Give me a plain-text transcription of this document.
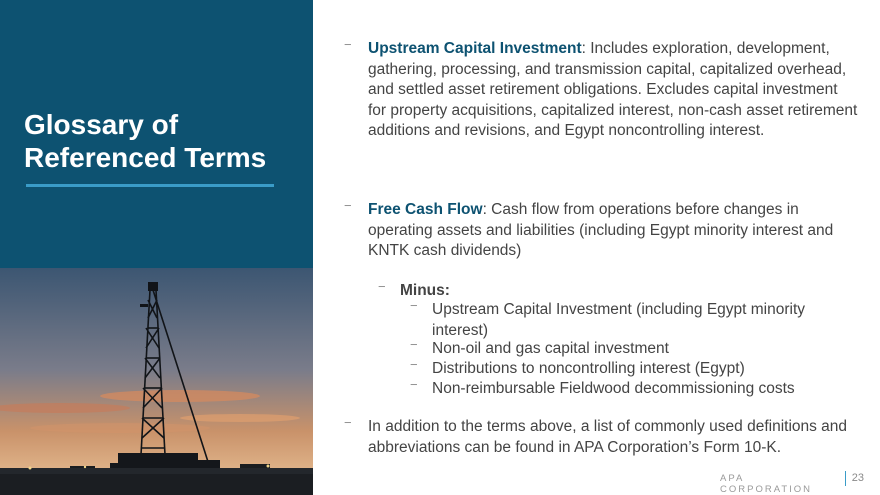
Glossary of
Referenced Terms
− Upstream Capital Investment: Includes exploration, development, gathering, processing, and transmission capital, capitalized overhead, and settled asset retirement obligations. Excludes capital investment for property acquisitions, capitalized interest, non-cash asset retirement additions and revisions, and Egypt noncontrolling interest.
− Free Cash Flow: Cash flow from operations before changes in operating assets and liabilities (including Egypt minority interest and KNTK cash dividends)
− Minus:
− Upstream Capital Investment (including Egypt minority interest)
− Non-oil and gas capital investment
− Distributions to noncontrolling interest (Egypt)
− Non-reimbursable Fieldwood decommissioning costs
− In addition to the terms above, a list of commonly used definitions and abbreviations can be found in APA Corporation’s Form 10-K.
APA CORPORATION
23
